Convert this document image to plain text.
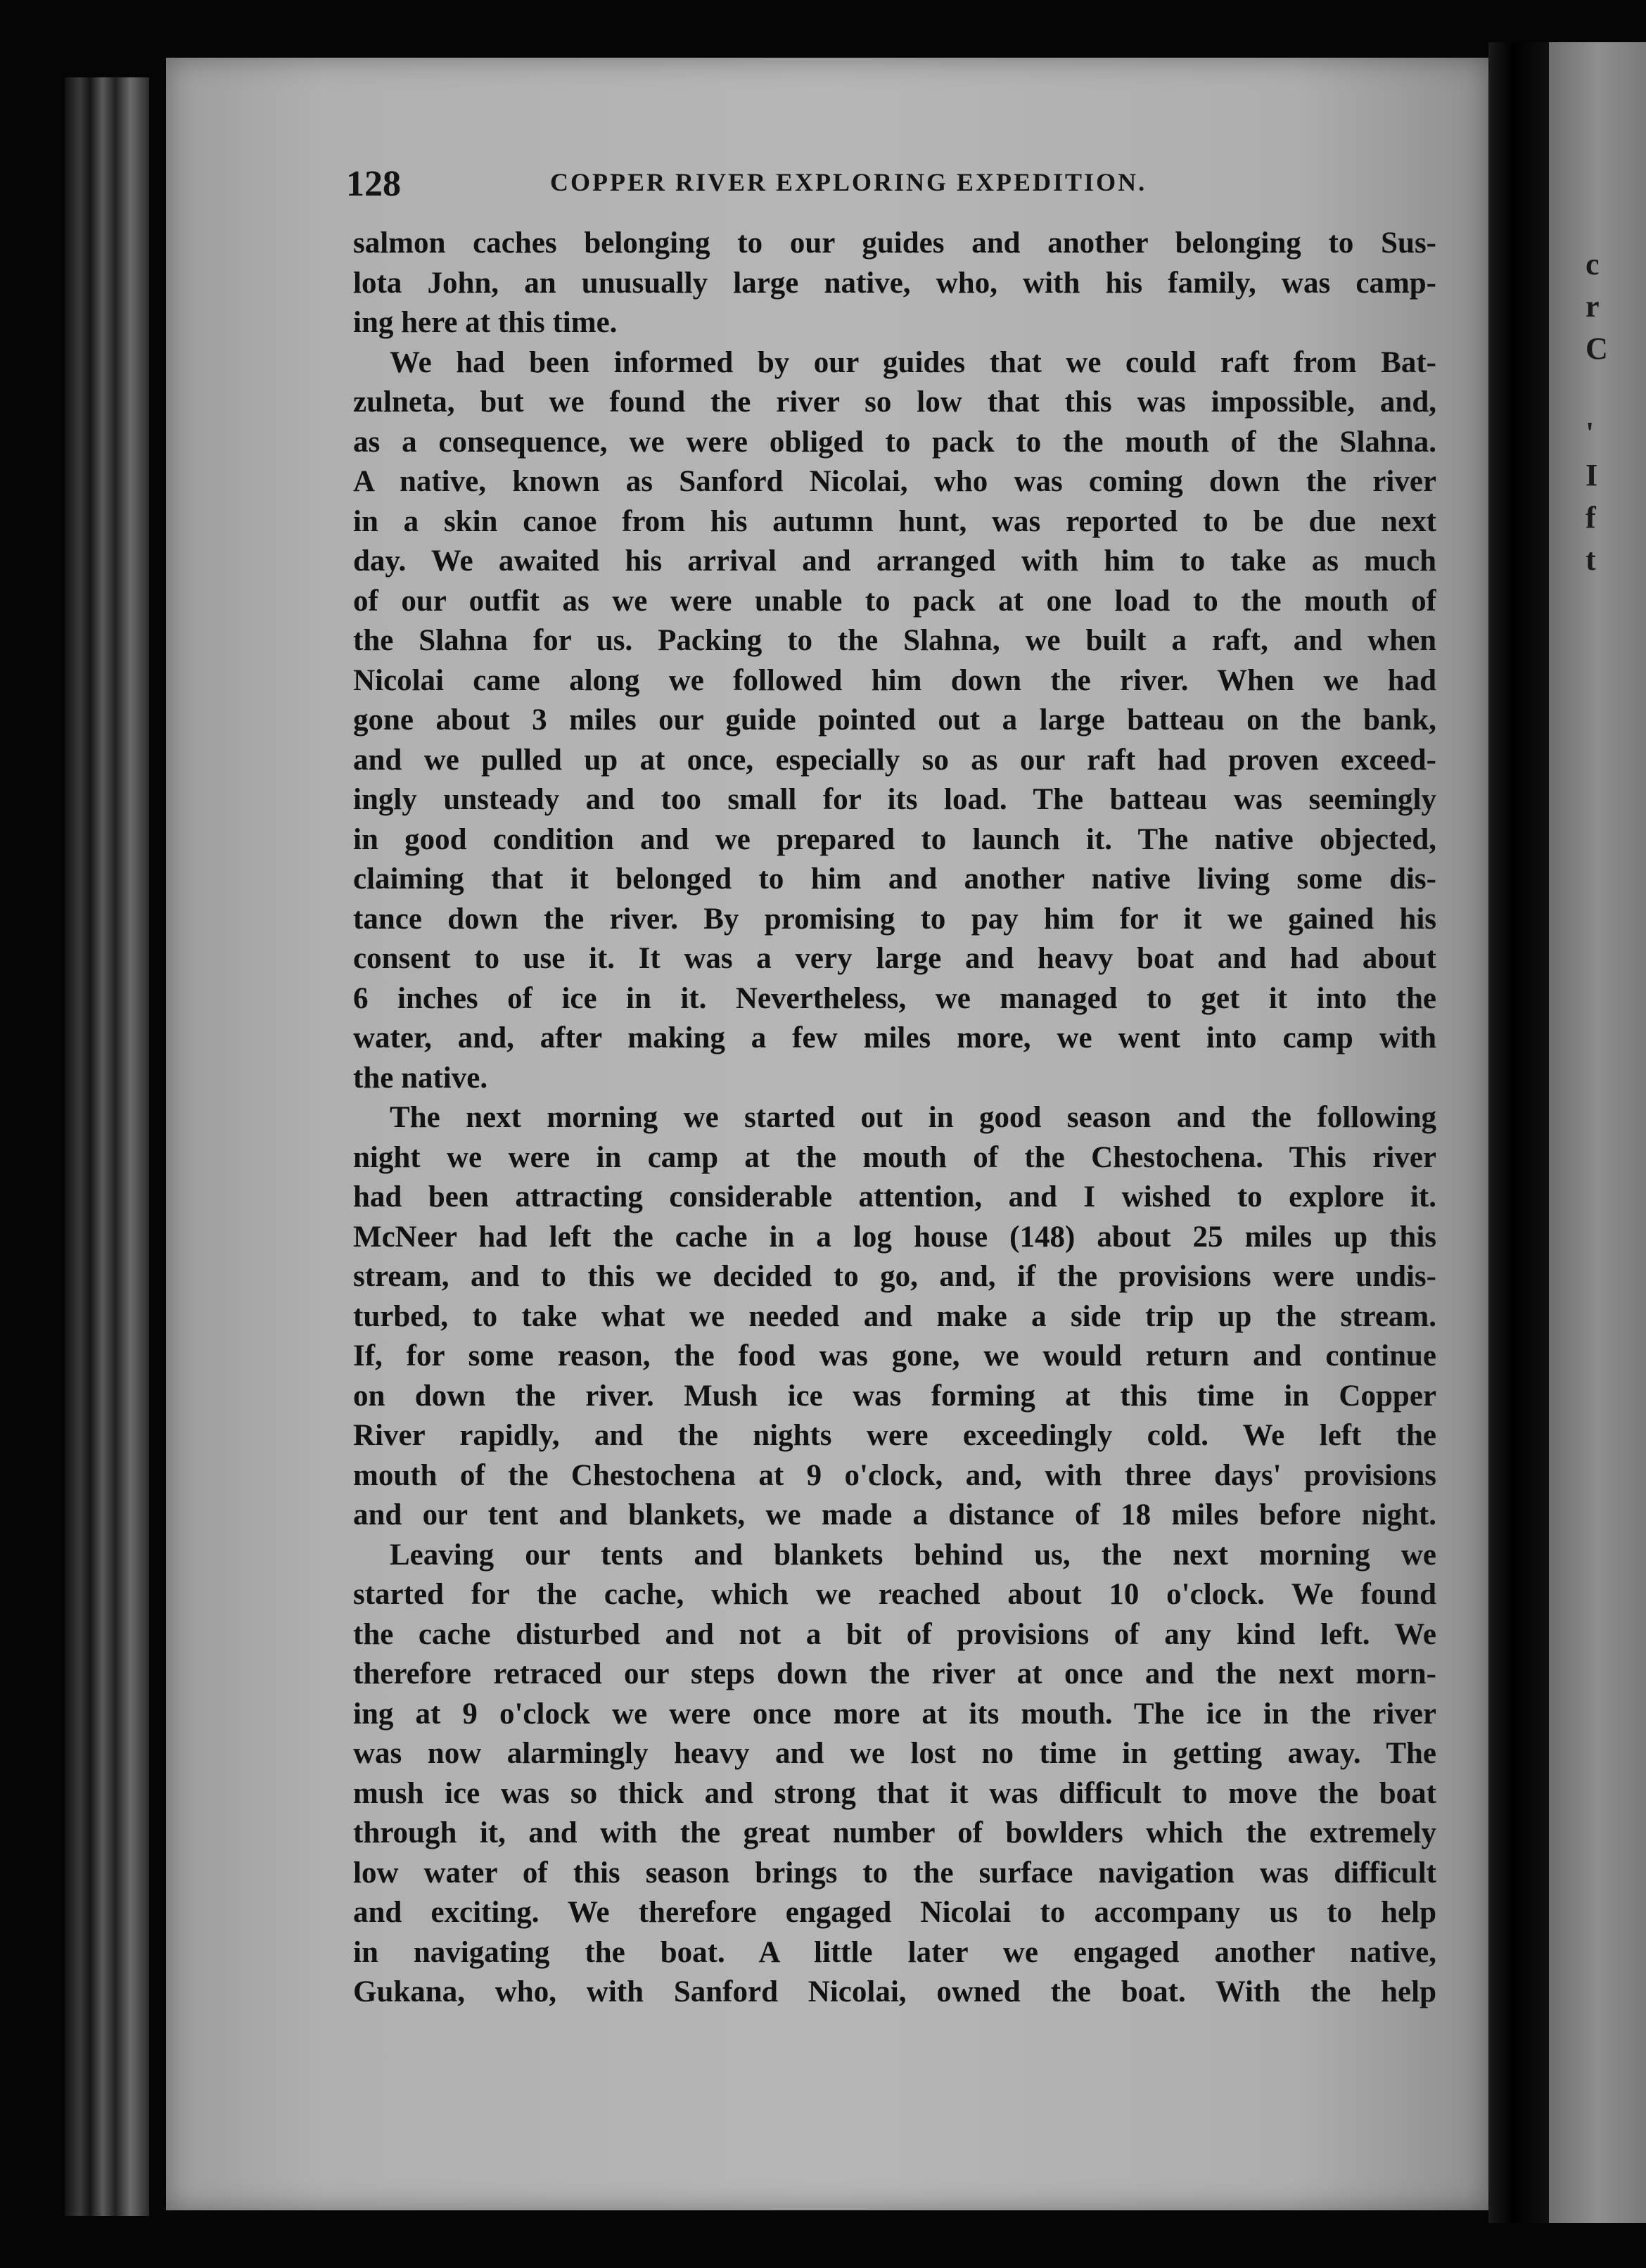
c
r
C
'
I
f
t
128	COPPER RIVER EXPLORING EXPEDITION.
salmon caches belonging to our guides and another belonging to Sus-
lota John, an unusually large native, who, with his family, was camp-
ing here at this time.
We had been informed by our guides that we could raft from Bat-
zulneta, but we found the river so low that this was impossible, and,
as a consequence, we were obliged to pack to the mouth of the Slahna.
A native, known as Sanford Nicolai, who was coming down the river
in a skin canoe from his autumn hunt, was reported to be due next
day. We awaited his arrival and arranged with him to take as much
of our outfit as we were unable to pack at one load to the mouth of
the Slahna for us. Packing to the Slahna, we built a raft, and when
Nicolai came along we followed him down the river. When we had
gone about 3 miles our guide pointed out a large batteau on the bank,
and we pulled up at once, especially so as our raft had proven exceed-
ingly unsteady and too small for its load. The batteau was seemingly
in good condition and we prepared to launch it. The native objected,
claiming that it belonged to him and another native living some dis-
tance down the river. By promising to pay him for it we gained his
consent to use it. It was a very large and heavy boat and had about
6 inches of ice in it. Nevertheless, we managed to get it into the
water, and, after making a few miles more, we went into camp with
the native.
The next morning we started out in good season and the following
night we were in camp at the mouth of the Chestochena. This river
had been attracting considerable attention, and I wished to explore it.
McNeer had left the cache in a log house (148) about 25 miles up this
stream, and to this we decided to go, and, if the provisions were undis-
turbed, to take what we needed and make a side trip up the stream.
If, for some reason, the food was gone, we would return and continue
on down the river. Mush ice was forming at this time in Copper
River rapidly, and the nights were exceedingly cold. We left the
mouth of the Chestochena at 9 o'clock, and, with three days' provisions
and our tent and blankets, we made a distance of 18 miles before night.
Leaving our tents and blankets behind us, the next morning we
started for the cache, which we reached about 10 o'clock. We found
the cache disturbed and not a bit of provisions of any kind left. We
therefore retraced our steps down the river at once and the next morn-
ing at 9 o'clock we were once more at its mouth. The ice in the river
was now alarmingly heavy and we lost no time in getting away. The
mush ice was so thick and strong that it was difficult to move the boat
through it, and with the great number of bowlders which the extremely
low water of this season brings to the surface navigation was difficult
and exciting. We therefore engaged Nicolai to accompany us to help
in navigating the boat. A little later we engaged another native,
Gukana, who, with Sanford Nicolai, owned the boat. With the help
